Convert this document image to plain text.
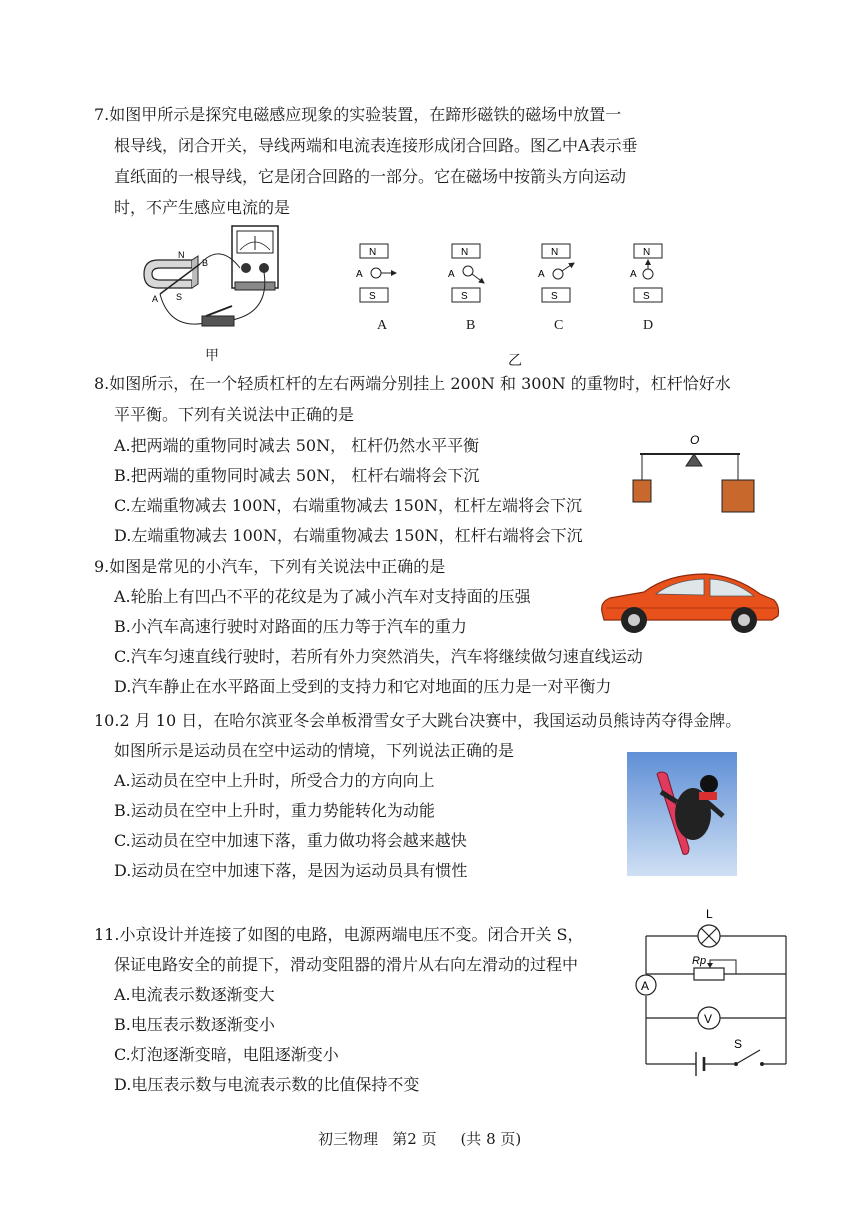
7.如图甲所示是探究电磁感应现象的实验装置，在蹄形磁铁的磁场中放置一
根导线，闭合开关，导线两端和电流表连接形成闭合回路。图乙中A表示垂
直纸面的一根导线，它是闭合回路的一部分。它在磁场中按箭头方向运动
时，不产生感应电流的是
N
S
A
B
甲
N
S
A
N
S
A
N
S
A
N
S
A
A	B	C	D
乙
8.如图所示，在一个轻质杠杆的左右两端分别挂上 200N 和 300N 的重物时，杠杆恰好水
平平衡。下列有关说法中正确的是
A.把两端的重物同时减去 50N， 杠杆仍然水平平衡
B.把两端的重物同时减去 50N， 杠杆右端将会下沉
C.左端重物减去 100N，右端重物减去 150N，杠杆左端将会下沉
D.左端重物减去 100N，右端重物减去 150N，杠杆右端将会下沉
O
9.如图是常见的小汽车，下列有关说法中正确的是
A.轮胎上有凹凸不平的花纹是为了减小汽车对支持面的压强
B.小汽车高速行驶时对路面的压力等于汽车的重力
C.汽车匀速直线行驶时，若所有外力突然消失，汽车将继续做匀速直线运动
D.汽车静止在水平路面上受到的支持力和它对地面的压力是一对平衡力
10.2 月 10 日，在哈尔滨亚冬会单板滑雪女子大跳台决赛中，我国运动员熊诗芮夺得金牌。
如图所示是运动员在空中运动的情境，下列说法正确的是
A.运动员在空中上升时，所受合力的方向向上
B.运动员在空中上升时，重力势能转化为动能
C.运动员在空中加速下落，重力做功将会越来越快
D.运动员在空中加速下落，是因为运动员具有惯性
11.小京设计并连接了如图的电路，电源两端电压不变。闭合开关 S，
保证电路安全的前提下，滑动变阻器的滑片从右向左滑动的过程中
A.电流表示数逐渐变大
B.电压表示数逐渐变小
C.灯泡逐渐变暗，电阻逐渐变小
D.电压表示数与电流表示数的比值保持不变
L
Rp
A
V
S
初三物理   第2 页     (共 8 页)
